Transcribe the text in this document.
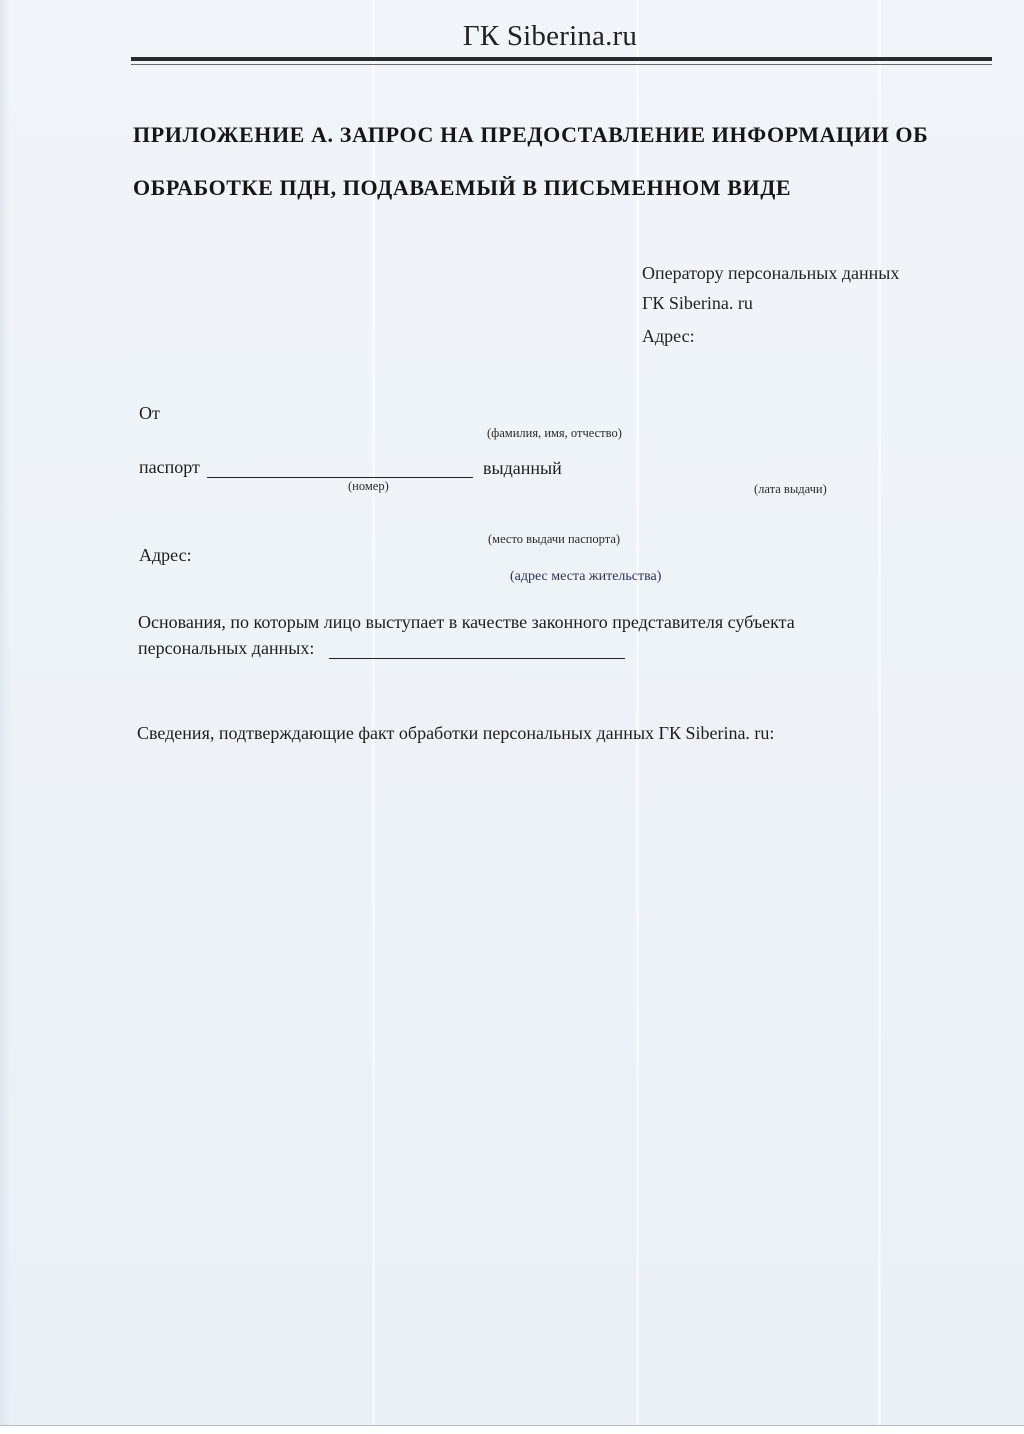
ГК Siberina.ru
ПРИЛОЖЕНИЕ А. ЗАПРОС НА ПРЕДОСТАВЛЕНИЕ ИНФОРМАЦИИ ОБ
ОБРАБОТКЕ ПДН, ПОДАВАЕМЫЙ В ПИСЬМЕННОМ ВИДЕ
Оператору персональных данных
ГК Siberina. ru
Адрес:
От
(фамилия, имя, отчество)
паспорт
(номер)
выданный
(лата выдачи)
(место выдачи паспорта)
Адрес:
(адрес места жительства)
Основания, по которым лицо выступает в качестве законного представителя субъекта
персональных данных:
Сведения, подтверждающие факт обработки персональных данных ГК Siberina. ru:
